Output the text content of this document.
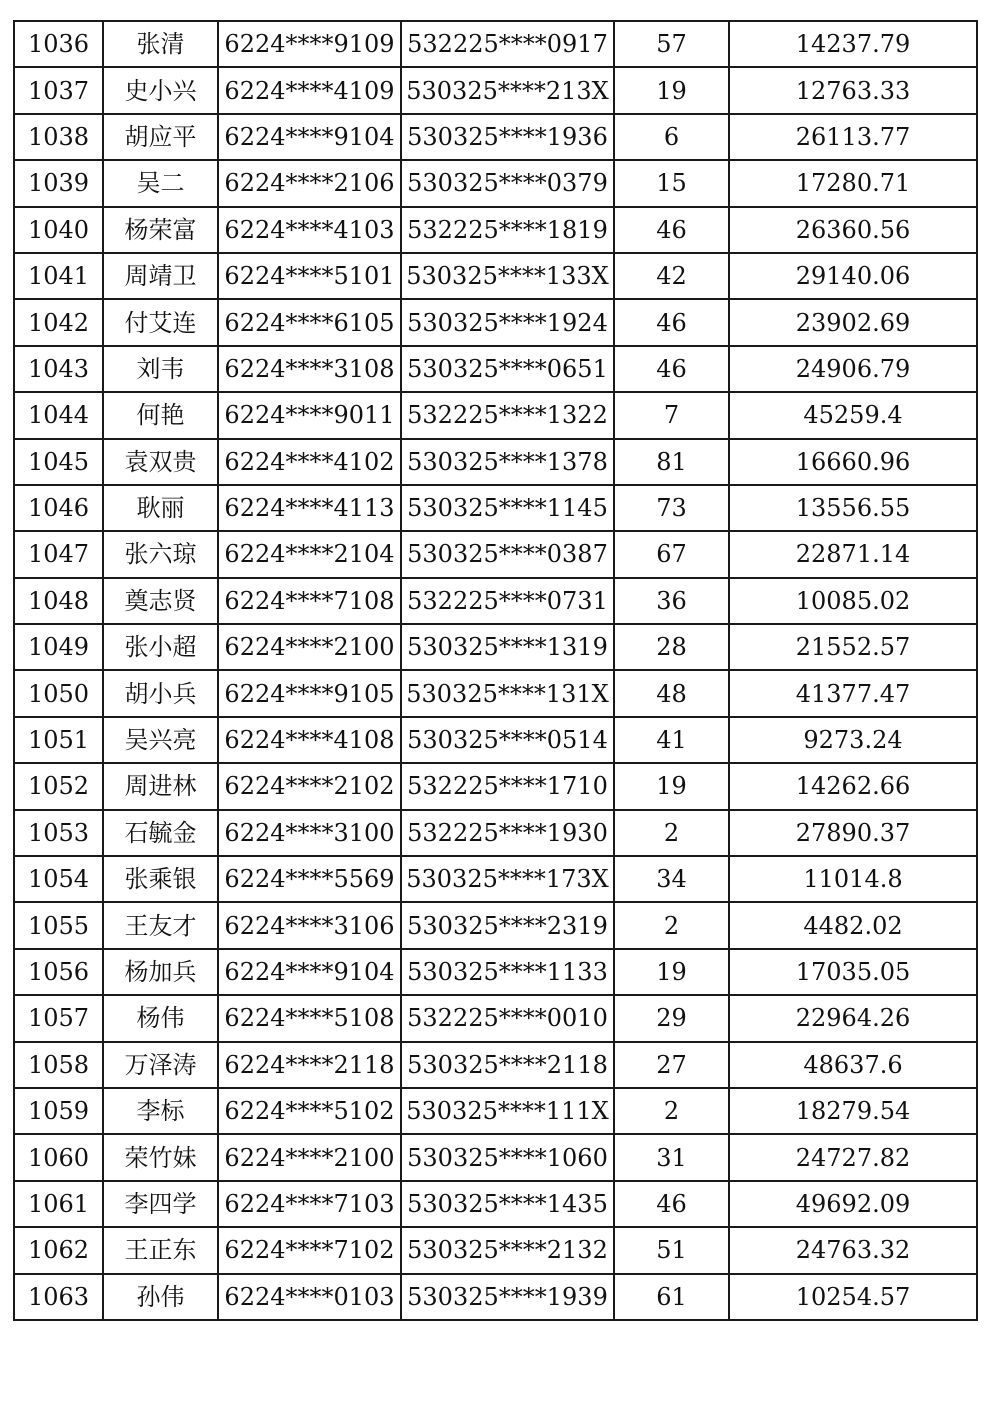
1036	张清	6224****9109	532225****0917	57	14237.79
1037	史小兴	6224****4109	530325****213X	19	12763.33
1038	胡应平	6224****9104	530325****1936	6	26113.77
1039	吴二	6224****2106	530325****0379	15	17280.71
1040	杨荣富	6224****4103	532225****1819	46	26360.56
1041	周靖卫	6224****5101	530325****133X	42	29140.06
1042	付艾连	6224****6105	530325****1924	46	23902.69
1043	刘韦	6224****3108	530325****0651	46	24906.79
1044	何艳	6224****9011	532225****1322	7	45259.4
1045	袁双贵	6224****4102	530325****1378	81	16660.96
1046	耿丽	6224****4113	530325****1145	73	13556.55
1047	张六琼	6224****2104	530325****0387	67	22871.14
1048	奠志贤	6224****7108	532225****0731	36	10085.02
1049	张小超	6224****2100	530325****1319	28	21552.57
1050	胡小兵	6224****9105	530325****131X	48	41377.47
1051	吴兴亮	6224****4108	530325****0514	41	9273.24
1052	周进林	6224****2102	532225****1710	19	14262.66
1053	石毓金	6224****3100	532225****1930	2	27890.37
1054	张乘银	6224****5569	530325****173X	34	11014.8
1055	王友才	6224****3106	530325****2319	2	4482.02
1056	杨加兵	6224****9104	530325****1133	19	17035.05
1057	杨伟	6224****5108	532225****0010	29	22964.26
1058	万泽涛	6224****2118	530325****2118	27	48637.6
1059	李标	6224****5102	530325****111X	2	18279.54
1060	荣竹妹	6224****2100	530325****1060	31	24727.82
1061	李四学	6224****7103	530325****1435	46	49692.09
1062	王正东	6224****7102	530325****2132	51	24763.32
1063	孙伟	6224****0103	530325****1939	61	10254.57
